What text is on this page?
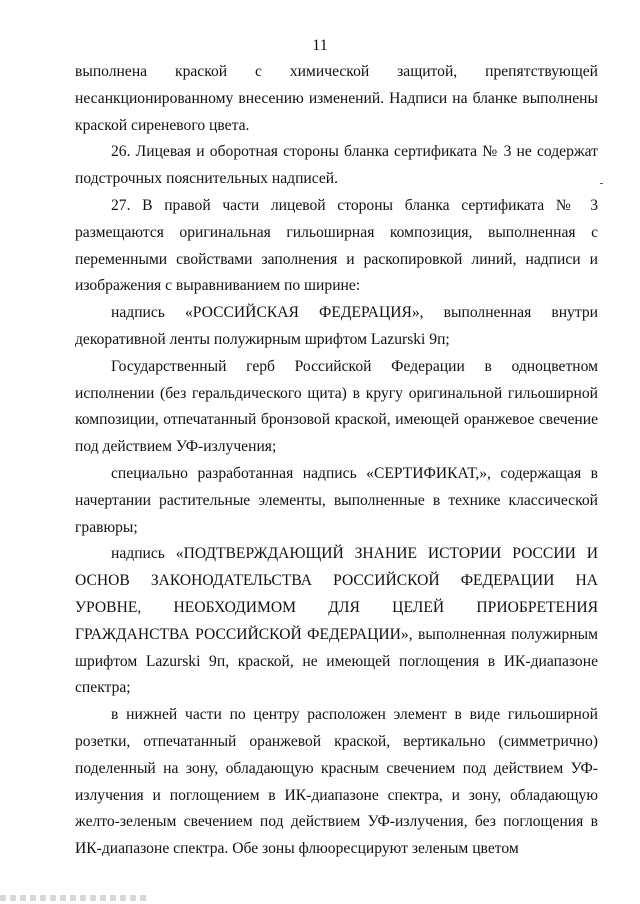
11

выполнена краской с химической защитой, препятствующей несанкционированному внесению изменений. Надписи на бланке выполнены краской сиреневого цвета.

26. Лицевая и оборотная стороны бланка сертификата № 3 не содержат подстрочных пояснительных надписей.

27. В правой части лицевой стороны бланка сертификата № 3 размещаются оригинальная гильоширная композиция, выполненная с переменными свойствами заполнения и раскопировкой линий, надписи и изображения с выравниванием по ширине:

надпись «РОССИЙСКАЯ ФЕДЕРАЦИЯ», выполненная внутри декоративной ленты полужирным шрифтом Lazurski 9п;

Государственный герб Российской Федерации в одноцветном исполнении (без геральдического щита) в кругу оригинальной гильоширной композиции, отпечатанный бронзовой краской, имеющей оранжевое свечение под действием УФ-излучения;

специально разработанная надпись «СЕРТИФИКАТ,», содержащая в начертании растительные элементы, выполненные в технике классической гравюры;

надпись «ПОДТВЕРЖДАЮЩИЙ ЗНАНИЕ ИСТОРИИ РОССИИ И ОСНОВ ЗАКОНОДАТЕЛЬСТВА РОССИЙСКОЙ ФЕДЕРАЦИИ НА УРОВНЕ, НЕОБХОДИМОМ ДЛЯ ЦЕЛЕЙ ПРИОБРЕТЕНИЯ ГРАЖДАНСТВА РОССИЙСКОЙ ФЕДЕРАЦИИ», выполненная полужирным шрифтом Lazurski 9п, краской, не имеющей поглощения в ИК-диапазоне спектра;

в нижней части по центру расположен элемент в виде гильоширной розетки, отпечатанный оранжевой краской, вертикально (симметрично) поделенный на зону, обладающую красным свечением под действием УФ-излучения и поглощением в ИК-диапазоне спектра, и зону, обладающую желто-зеленым свечением под действием УФ-излучения, без поглощения в ИК-диапазоне спектра. Обе зоны флюоресцируют зеленым цветом
